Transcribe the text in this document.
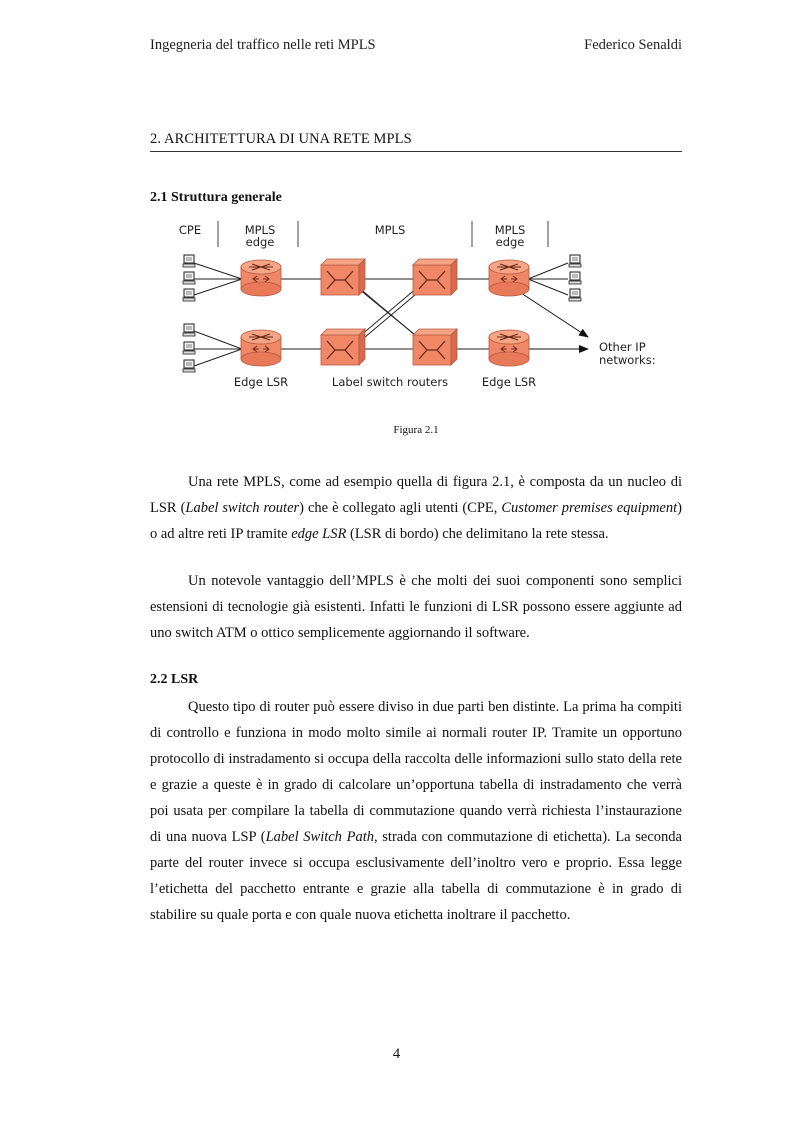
Ingegneria del traffico nelle reti MPLS	Federico Senaldi
2. ARCHITETTURA DI UNA RETE MPLS
2.1 Struttura generale
CPE	MPLS
edge
MPLS	MPLS
edge
Edge LSR	Label switch routers	Edge LSR
Other IP
networks:
Figura 2.1

Una rete MPLS, come ad esempio quella di figura 2.1, è composta da un nucleo di LSR (Label switch router) che è collegato agli utenti (CPE, Customer premises equipment) o ad altre reti IP tramite edge LSR (LSR di bordo) che delimitano la rete stessa.

Un notevole vantaggio dell’MPLS è che molti dei suoi componenti sono semplici estensioni di tecnologie già esistenti. Infatti le funzioni di LSR possono essere aggiunte ad uno switch ATM o ottico semplicemente aggiornando il software.

2.2 LSR

Questo tipo di router può essere diviso in due parti ben distinte. La prima ha compiti di controllo e funziona in modo molto simile ai normali router IP. Tramite un opportuno protocollo di instradamento si occupa della raccolta delle informazioni sullo stato della rete e grazie a queste è in grado di calcolare un’opportuna tabella di instradamento che verrà poi usata per compilare la tabella di commutazione quando verrà richiesta l’instaurazione di una nuova LSP (Label Switch Path, strada con commutazione di etichetta). La seconda parte del router invece si occupa esclusivamente dell’inoltro vero e proprio. Essa legge l’etichetta del pacchetto entrante e grazie alla tabella di commutazione è in grado di stabilire su quale porta e con quale nuova etichetta inoltrare il pacchetto.

4
